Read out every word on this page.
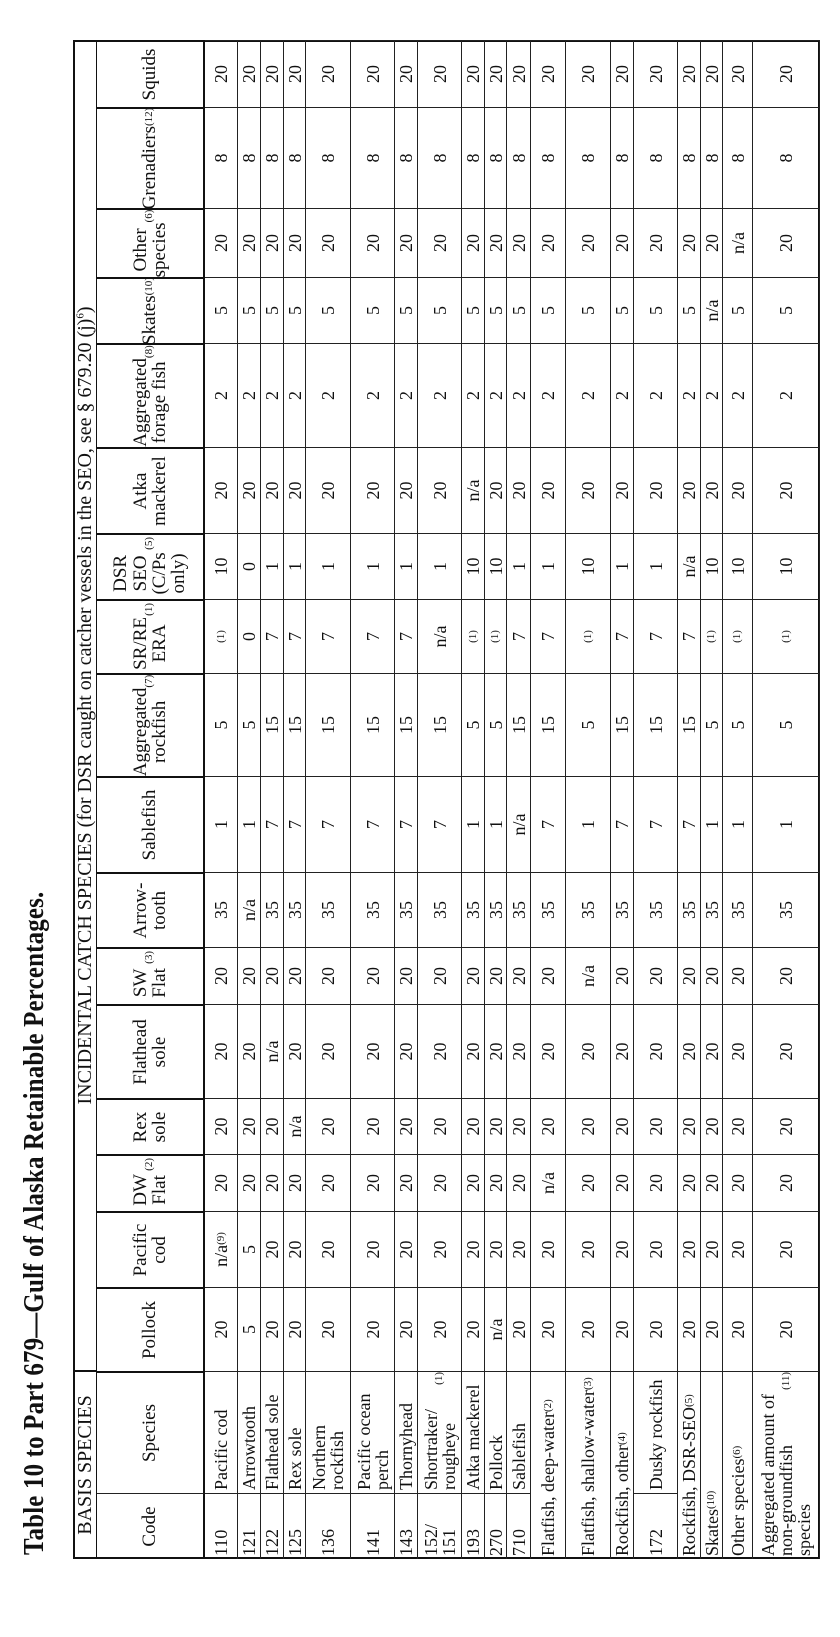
Table 10 to Part 679—Gulf of Alaska Retainable Percentages. BASIS SPECIES
INCIDENTAL CATCH SPECIES (for DSR caught on catcher vessels in the SEO, see § 679.20 $(j)^6$)
Code
Species
Pollock
Pacific cod
DW Flat
(2)
Rex sole
Flathead sole
SW Flat
(3)
Arrow-tooth
Sablefish
Aggregated rockfish
(7)
SR/RE ERA
(1)
DSR SEO (C/Ps only)
(5)
Atka mackerel
Aggregated forage fish
(8)
Skates
(10)
Other species
(6)
Grenadiers
(12)
Squids
110
Pacific cod
20
n/a
(9)
20
20
20
20
35
1
5
(1)
10
20
2
5
20
8
20
121
Arrowtooth
5
5
20
20
20
20
n/a
1
5
0
0
20
2
5
20
8
20
122
Flathead sole
20
20
20
20
n/a
20
35
7
15
7
1
20
2
5
20
8
20
125
Rex sole
20
20
20
n/a
20
20
35
7
15
7
1
20
2
5
20
8
20
136
Northern rockfish
20
20
20
20
20
20
35
7
15
7
1
20
2
5
20
8
20
141
Pacific ocean perch
20
20
20
20
20
20
35
7
15
7
1
20
2
5
20
8
20
143
Thornyhead
20
20
20
20
20
20
35
7
15
7
1
20
2
5
20
8
20
152/
151
Shortraker/ rougheye
(1)
20
20
20
20
20
20
35
7
15
n/a
1
20
2
5
20
8
20
193
Atka mackerel
20
20
20
20
20
20
35
1
5
(1)
10
n/a
2
5
20
8
20
270
Pollock
n/a
20
20
20
20
20
35
1
5
(1)
10
20
2
5
20
8
20
710
Sablefish
20
20
20
20
20
20
35
n/a
15
7
1
20
2
5
20
8
20
Flatfish, deep-water
(2)
20
20
n/a
20
20
20
35
7
15
7
1
20
2
5
20
8
20
Flatfish, shallow-water
(3)
20
20
20
20
20
n/a
35
1
5
(1)
10
20
2
5
20
8
20
Rockfish, other
(4)
20
20
20
20
20
20
35
7
15
7
1
20
2
5
20
8
20
172
Dusky rockfish
20
20
20
20
20
20
35
7
15
7
1
20
2
5
20
8
20
Rockfish, DSR-SEO
(5)
20
20
20
20
20
20
35
7
15
7
n/a
20
2
5
20
8
20
Skates
(10)
20
20
20
20
20
20
35
1
5
(1)
10
20
2
n/a
20
8
20
Other species
(6)
20
20
20
20
20
20
35
1
5
(1)
10
20
2
5
n/a
8
20
Aggregated amount of non-groundfish species
(11)
20
20
20
20
20
20
35
1
5
(1)
10
20
2
5
20
8
20
